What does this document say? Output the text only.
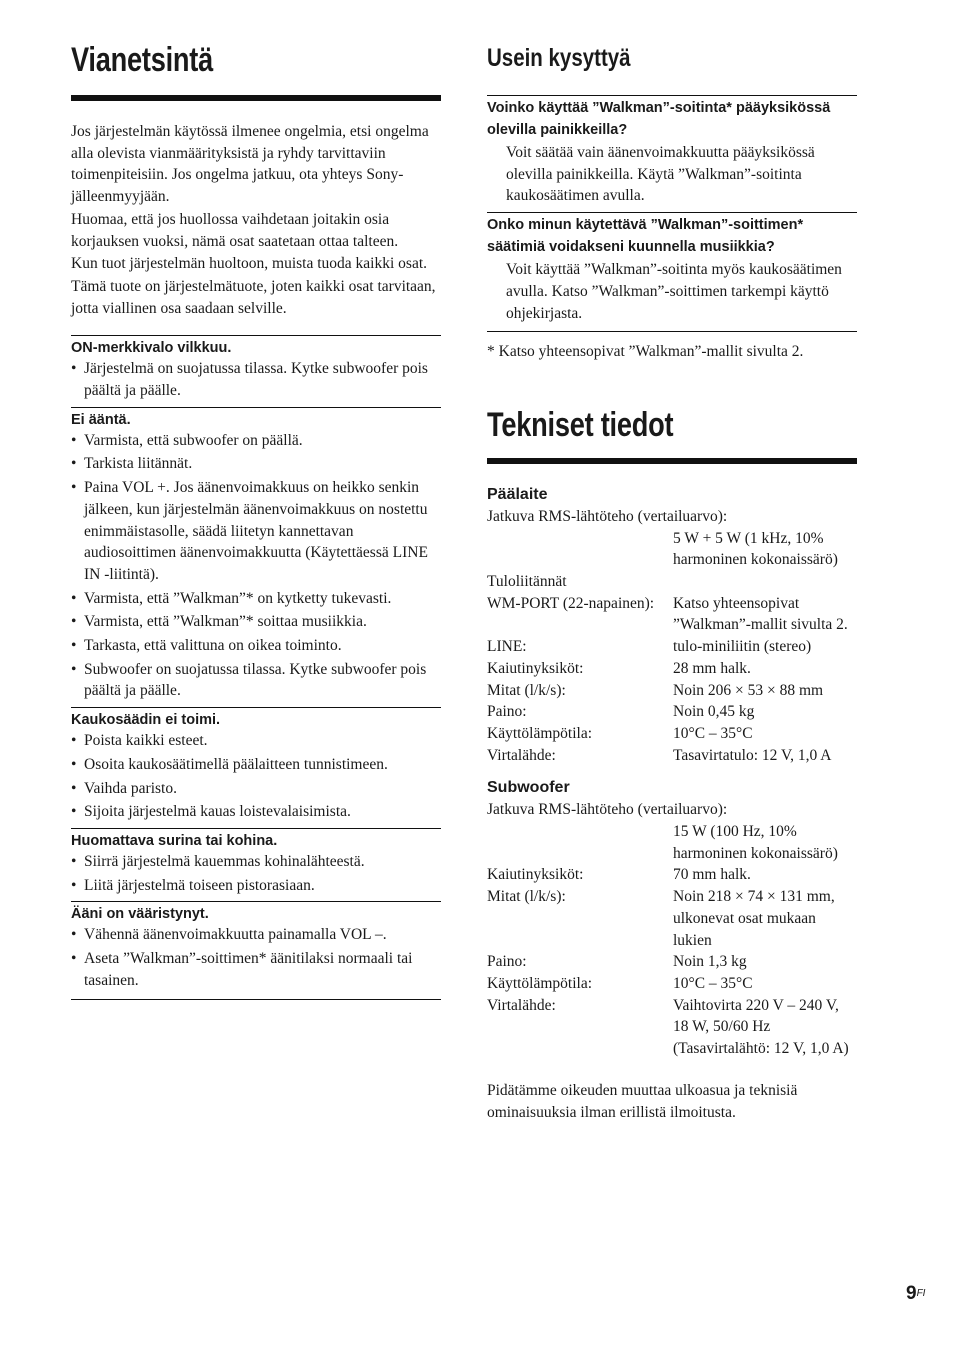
Vianetsintä

Jos järjestelmän käytössä ilmenee ongelmia, etsi ongelma alla olevista vianmäärityksistä ja ryhdy tarvittaviin toimenpiteisiin. Jos ongelma jatkuu, ota yhteys Sony-jälleenmyyjään.

Huomaa, että jos huollossa vaihdetaan joitakin osia korjauksen vuoksi, nämä osat saatetaan ottaa talteen.

Kun tuot järjestelmän huoltoon, muista tuoda kaikki osat.

Tämä tuote on järjestelmätuote, joten kaikki osat tarvitaan, jotta viallinen osa saadaan selville.

ON-merkkivalo vilkkuu.
• Järjestelmä on suojatussa tilassa. Kytke subwoofer pois päältä ja päälle.
Ei ääntä.
• Varmista, että subwoofer on päällä.
• Tarkista liitännät.
• Paina VOL +. Jos äänenvoimakkuus on heikko senkin jälkeen, kun järjestelmän äänenvoimakkuus on nostettu enimmäistasolle, säädä liitetyn kannettavan audiosoittimen äänenvoimakkuutta (Käytettäessä LINE IN -liitintä).
• Varmista, että ”Walkman”* on kytketty tukevasti.
• Varmista, että ”Walkman”* soittaa musiikkia.
• Tarkasta, että valittuna on oikea toiminto.
• Subwoofer on suojatussa tilassa. Kytke subwoofer pois päältä ja päälle.
Kaukosäädin ei toimi.
• Poista kaikki esteet.
• Osoita kaukosäätimellä päälaitteen tunnistimeen.
• Vaihda paristo.
• Sijoita järjestelmä kauas loistevalaisimista.
Huomattava surina tai kohina.
• Siirrä järjestelmä kauemmas kohinalähteestä.
• Liitä järjestelmä toiseen pistorasiaan.
Ääni on vääristynyt.
• Vähennä äänenvoimakkuutta painamalla VOL –.
• Aseta ”Walkman”-soittimen* äänitilaksi normaali tai tasainen.
Usein kysyttyä
Voinko käyttää ”Walkman”-soitinta* pääyksikössä olevilla painikkeilla?
Voit säätää vain äänenvoimakkuutta pääyksikössä olevilla painikkeilla. Käytä ”Walkman”-soitinta kaukosäätimen avulla.
Onko minun käytettävä ”Walkman”-soittimen* säätimiä voidakseni kuunnella musiikkia?
Voit käyttää ”Walkman”-soitinta myös kaukosäätimen avulla. Katso ”Walkman”-soittimen tarkempi käyttö ohjekirjasta.
* Katso yhteensopivat ”Walkman”-mallit sivulta 2.
Tekniset tiedot
Päälaite
Jatkuva RMS-lähtöteho (vertailuarvo):
5 W + 5 W (1 kHz, 10% harmoninen kokonaissärö)
Tuloliitännät
WM-PORT (22-napainen):	Katso yhteensopivat ”Walkman”-mallit sivulta 2.
LINE:	tulo-miniliitin (stereo)
Kaiutinyksiköt:	28 mm halk.
Mitat (l/k/s):	Noin 206 × 53 × 88 mm
Paino:	Noin 0,45 kg
Käyttölämpötila:	10°C – 35°C
Virtalähde:	Tasavirtatulo: 12 V, 1,0 A
Subwoofer
Jatkuva RMS-lähtöteho (vertailuarvo):
15 W (100 Hz, 10% harmoninen kokonaissärö)
Kaiutinyksiköt:	70 mm halk.
Mitat (l/k/s):	Noin 218 × 74 × 131 mm, ulkonevat osat mukaan lukien
Paino:	Noin 1,3 kg
Käyttölämpötila:	10°C – 35°C
Virtalähde:	Vaihtovirta 220 V – 240 V, 18 W, 50/60 Hz (Tasavirtalähtö: 12 V, 1,0 A)
Pidätämme oikeuden muuttaa ulkoasua ja teknisiä ominaisuuksia ilman erillistä ilmoitusta.
$9^{FI}$
